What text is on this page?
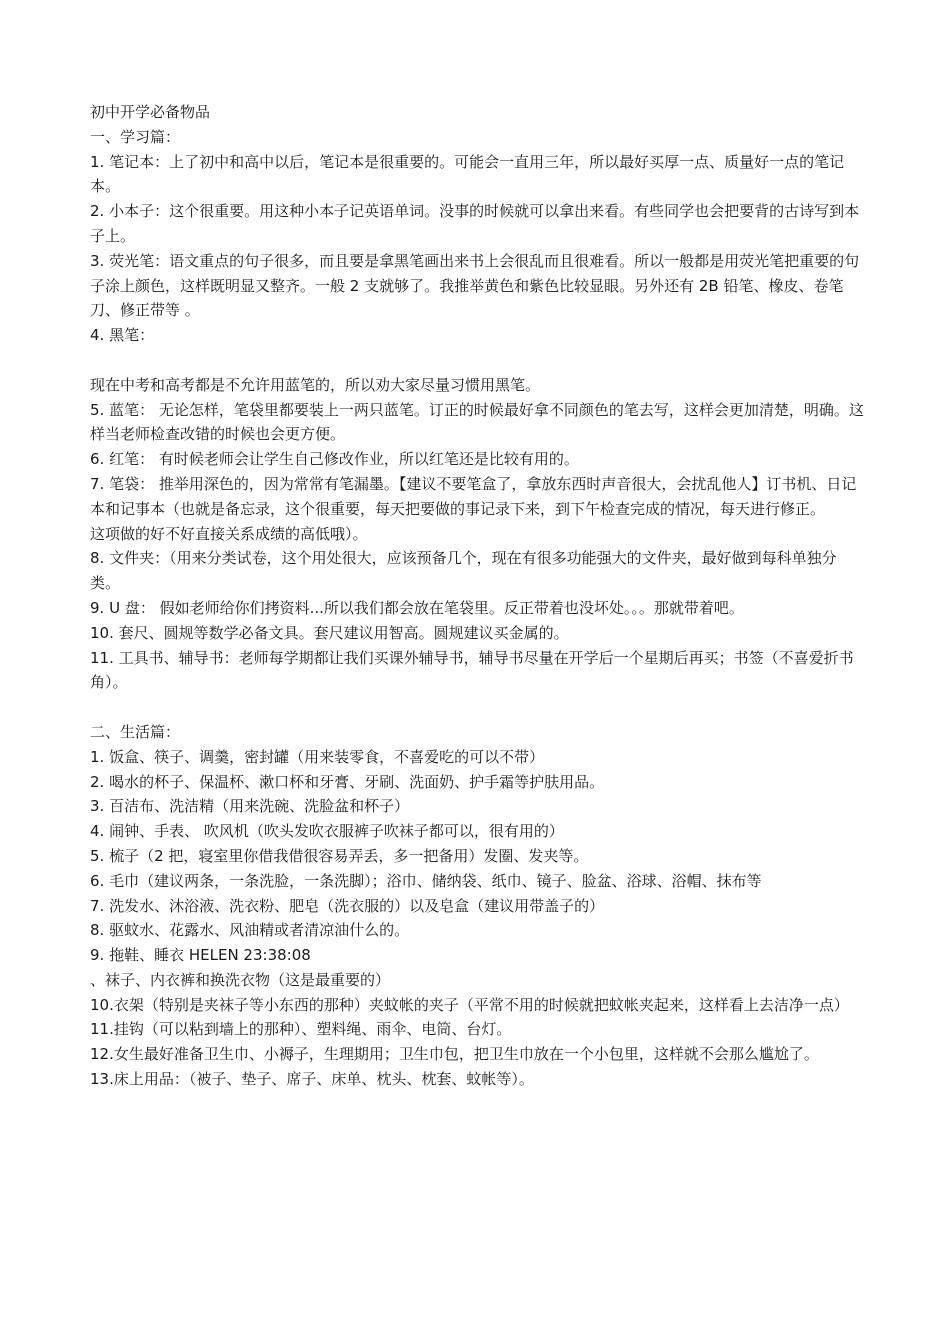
初中开学必备物品

一、学习篇：

1. 笔记本：上了初中和高中以后，笔记本是很重要的。可能会一直用三年，所以最好买厚一点、质量好一点的笔记本。

2. 小本子：这个很重要。用这种小本子记英语单词。没事的时候就可以拿出来看。有些同学也会把要背的古诗写到本子上。

3. 荧光笔：语文重点的句子很多，而且要是拿黑笔画出来书上会很乱而且很难看。所以一般都是用荧光笔把重要的句子涂上颜色，这样既明显又整齐。一般 2 支就够了。我推举黄色和紫色比较显眼。另外还有 2B 铅笔、橡皮、卷笔刀、修正带等 。

4. 黑笔：

现在中考和高考都是不允许用蓝笔的，所以劝大家尽量习惯用黑笔。

5. 蓝笔： 无论怎样，笔袋里都要装上一两只蓝笔。订正的时候最好拿不同颜色的笔去写，这样会更加清楚，明确。这样当老师检查改错的时候也会更方便。

6. 红笔： 有时候老师会让学生自己修改作业，所以红笔还是比较有用的。

7. 笔袋： 推举用深色的，因为常常有笔漏墨。【建议不要笔盒了，拿放东西时声音很大，会扰乱他人】订书机、日记本和记事本（也就是备忘录，这个很重要，每天把要做的事记录下来，到下午检查完成的情况，每天进行修正。

这项做的好不好直接关系成绩的高低哦）。

8. 文件夹：（用来分类试卷，这个用处很大，应该预备几个，现在有很多功能强大的文件夹，最好做到每科单独分类。

9. U 盘： 假如老师给你们拷资料...所以我们都会放在笔袋里。反正带着也没坏处。。。那就带着吧。

10. 套尺、圆规等数学必备文具。套尺建议用智高。圆规建议买金属的。

11. 工具书、辅导书：老师每学期都让我们买课外辅导书，辅导书尽量在开学后一个星期后再买；书签（不喜爱折书角）。

二、生活篇：

1. 饭盒、筷子、调羹，密封罐（用来装零食，不喜爱吃的可以不带）

2. 喝水的杯子、保温杯、漱口杯和牙膏、牙刷、洗面奶、护手霜等护肤用品。

3. 百洁布、洗洁精（用来洗碗、洗脸盆和杯子）

4. 闹钟、手表、 吹风机（吹头发吹衣服裤子吹袜子都可以，很有用的）

5. 梳子（2 把，寝室里你借我借很容易弄丢，多一把备用）发圈、发夹等。

6. 毛巾（建议两条，一条洗脸，一条洗脚）；浴巾、储纳袋、纸巾、镜子、脸盆、浴球、浴帽、抹布等

7. 洗发水、沐浴液、洗衣粉、肥皂（洗衣服的）以及皂盒（建议用带盖子的）

8. 驱蚊水、花露水、风油精或者清凉油什么的。

9. 拖鞋、睡衣 HELEN 23:38:08

、袜子、内衣裤和换洗衣物（这是最重要的）

10.衣架（特别是夹袜子等小东西的那种）夹蚊帐的夹子（平常不用的时候就把蚊帐夹起来，这样看上去洁净一点）

11.挂钩（可以粘到墙上的那种）、塑料绳、雨伞、电筒、台灯。

12.女生最好准备卫生巾、小褥子，生理期用；卫生巾包，把卫生巾放在一个小包里，这样就不会那么尴尬了。

13.床上用品：（被子、垫子、席子、床单、枕头、枕套、蚊帐等）。
